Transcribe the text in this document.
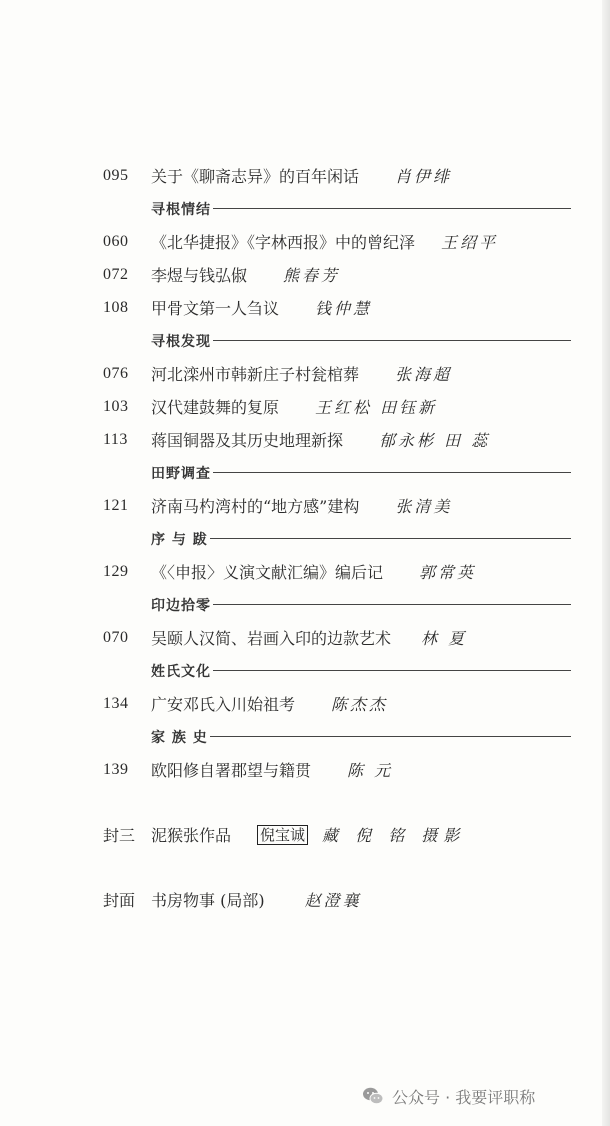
095	关于《聊斋志异》的百年闲话 肖伊绯
寻根情结
060	《北华捷报》《字林西报》中的曾纪泽 王绍平
072	李煜与钱弘俶 熊春芳
108	甲骨文第一人刍议 钱仲慧
寻根发现
076	河北滦州市韩新庄子村瓮棺葬 张海超
103	汉代建鼓舞的复原 王红松 田钰新
113	蒋国铜器及其历史地理新探 郁永彬 田 蕊
田野调查
121	济南马杓湾村的“地方感”建构 张清美
序 与 跋
129	《〈申报〉义演文献汇编》编后记 郭常英
印边拾零
070	吴颐人汉简、岩画入印的边款艺术 林 夏
姓氏文化
134	广安邓氏入川始祖考 陈杰杰
家 族 史
139	欧阳修自署郡望与籍贯 陈 元
封三 泥猴张作品 倪宝诚 藏 倪 铭 摄影
封面 书房物事 (局部)	赵澄襄
公众号 · 我要评职称
